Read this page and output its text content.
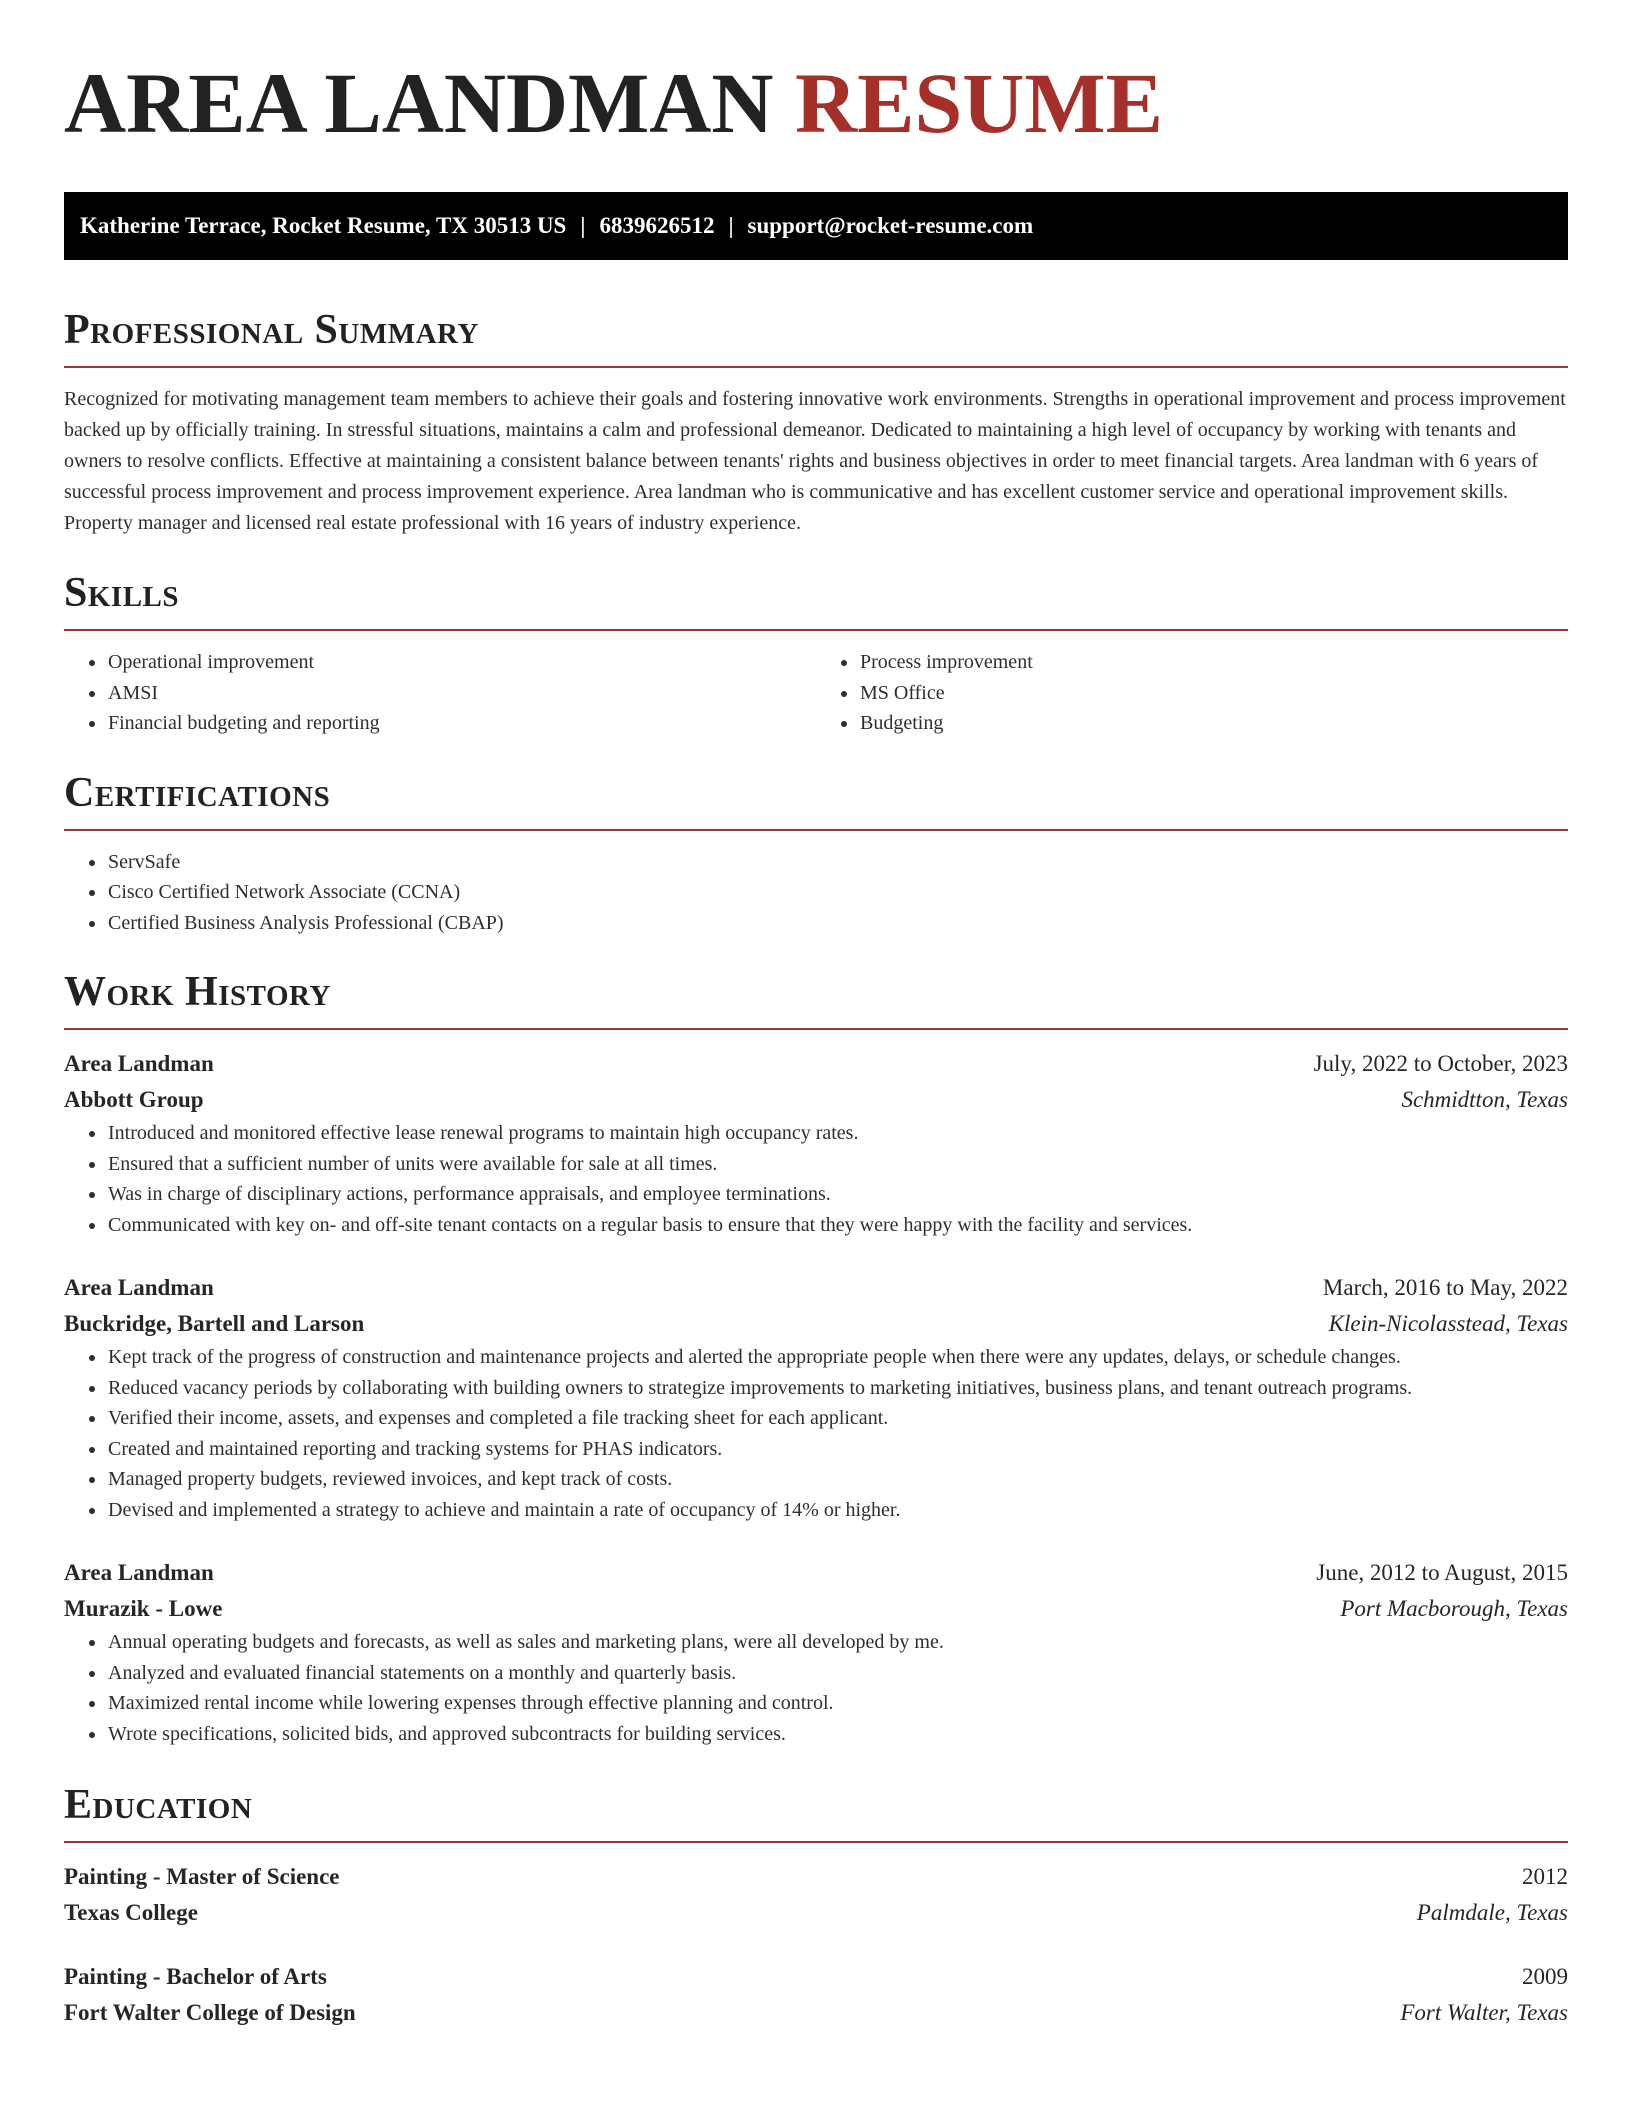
AREA LANDMAN RESUME
Katherine Terrace, Rocket Resume, TX 30513 US | 6839626512 | support@rocket-resume.com
Professional Summary

Recognized for motivating management team members to achieve their goals and fostering innovative work environments. Strengths in operational improvement and process improvement backed up by officially training. In stressful situations, maintains a calm and professional demeanor. Dedicated to maintaining a high level of occupancy by working with tenants and owners to resolve conflicts. Effective at maintaining a consistent balance between tenants' rights and business objectives in order to meet financial targets. Area landman with 6 years of successful process improvement and process improvement experience. Area landman who is communicative and has excellent customer service and operational improvement skills. Property manager and licensed real estate professional with 16 years of industry experience.

Skills
• Operational improvement
• AMSI
• Financial budgeting and reporting
• Process improvement
• MS Office
• Budgeting
Certifications
• ServSafe
• Cisco Certified Network Associate (CCNA)
• Certified Business Analysis Professional (CBAP)
Work History
Area Landman	July, 2022 to October, 2023
Abbott Group	Schmidtton, Texas
• Introduced and monitored effective lease renewal programs to maintain high occupancy rates.
• Ensured that a sufficient number of units were available for sale at all times.
• Was in charge of disciplinary actions, performance appraisals, and employee terminations.
• Communicated with key on- and off-site tenant contacts on a regular basis to ensure that they were happy with the facility and services.
Area Landman	March, 2016 to May, 2022
Buckridge, Bartell and Larson	Klein-Nicolasstead, Texas
• Kept track of the progress of construction and maintenance projects and alerted the appropriate people when there were any updates, delays, or schedule changes.
• Reduced vacancy periods by collaborating with building owners to strategize improvements to marketing initiatives, business plans, and tenant outreach programs.
• Verified their income, assets, and expenses and completed a file tracking sheet for each applicant.
• Created and maintained reporting and tracking systems for PHAS indicators.
• Managed property budgets, reviewed invoices, and kept track of costs.
• Devised and implemented a strategy to achieve and maintain a rate of occupancy of 14% or higher.
Area Landman	June, 2012 to August, 2015
Murazik - Lowe	Port Macborough, Texas
• Annual operating budgets and forecasts, as well as sales and marketing plans, were all developed by me.
• Analyzed and evaluated financial statements on a monthly and quarterly basis.
• Maximized rental income while lowering expenses through effective planning and control.
• Wrote specifications, solicited bids, and approved subcontracts for building services.
Education
Painting - Master of Science	2012
Texas College	Palmdale, Texas
Painting - Bachelor of Arts	2009
Fort Walter College of Design	Fort Walter, Texas
